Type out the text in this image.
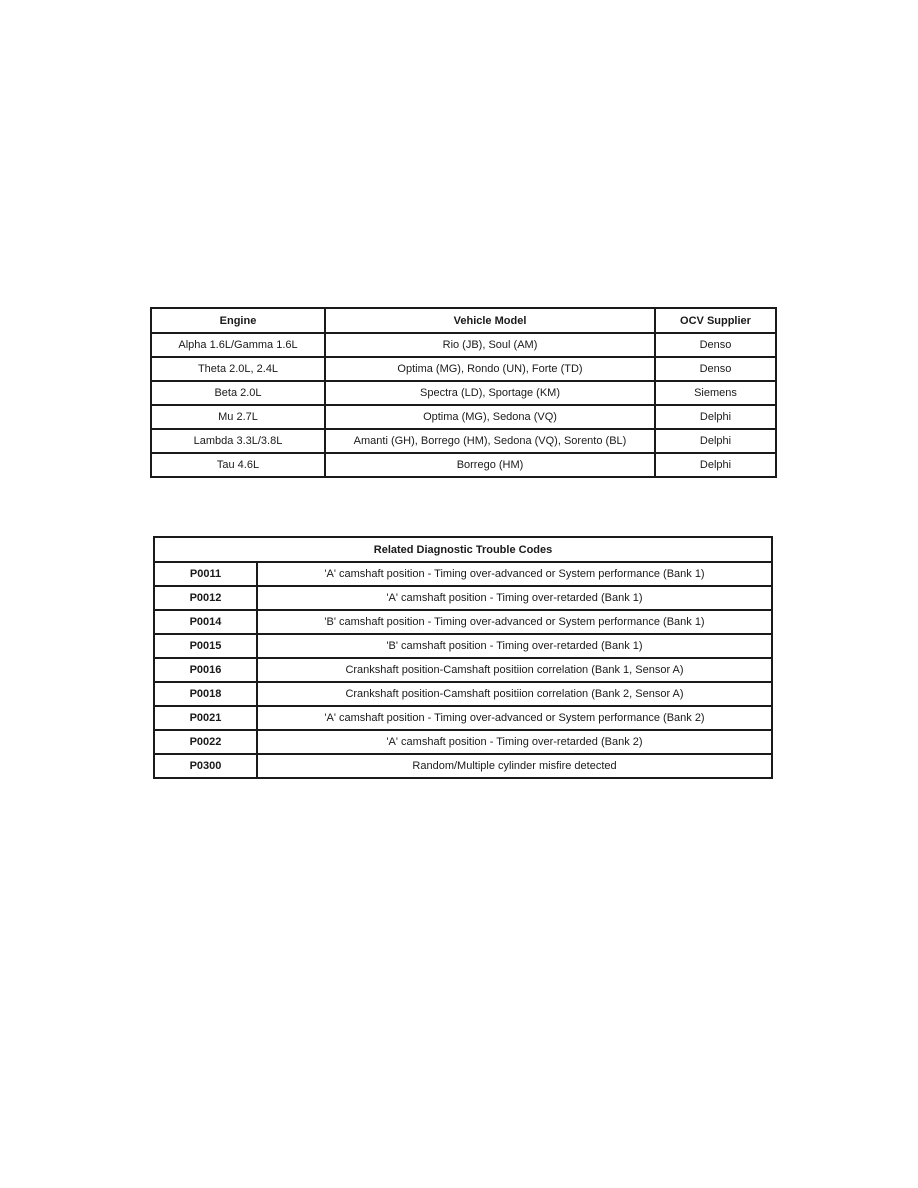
Engine	Vehicle Model	OCV Supplier
Alpha 1.6L/Gamma 1.6L	Rio (JB), Soul (AM)	Denso
Theta 2.0L, 2.4L	Optima (MG), Rondo (UN), Forte (TD)	Denso
Beta 2.0L	Spectra (LD), Sportage (KM)	Siemens
Mu 2.7L	Optima (MG), Sedona (VQ)	Delphi
Lambda 3.3L/3.8L	Amanti (GH), Borrego (HM), Sedona (VQ), Sorento (BL)	Delphi
Tau 4.6L	Borrego (HM)	Delphi
Related Diagnostic Trouble Codes	
P0011	'A' camshaft position - Timing over-advanced or System performance (Bank 1)
P0012	'A' camshaft position - Timing over-retarded (Bank 1)
P0014	'B' camshaft position - Timing over-advanced or System performance (Bank 1)
P0015	'B' camshaft position - Timing over-retarded (Bank 1)
P0016	Crankshaft position-Camshaft positiion correlation (Bank 1, Sensor A)
P0018	Crankshaft position-Camshaft positiion correlation (Bank 2, Sensor A)
P0021	'A' camshaft position - Timing over-advanced or System performance (Bank 2)
P0022	'A' camshaft position - Timing over-retarded (Bank 2)
P0300	Random/Multiple cylinder misfire detected
